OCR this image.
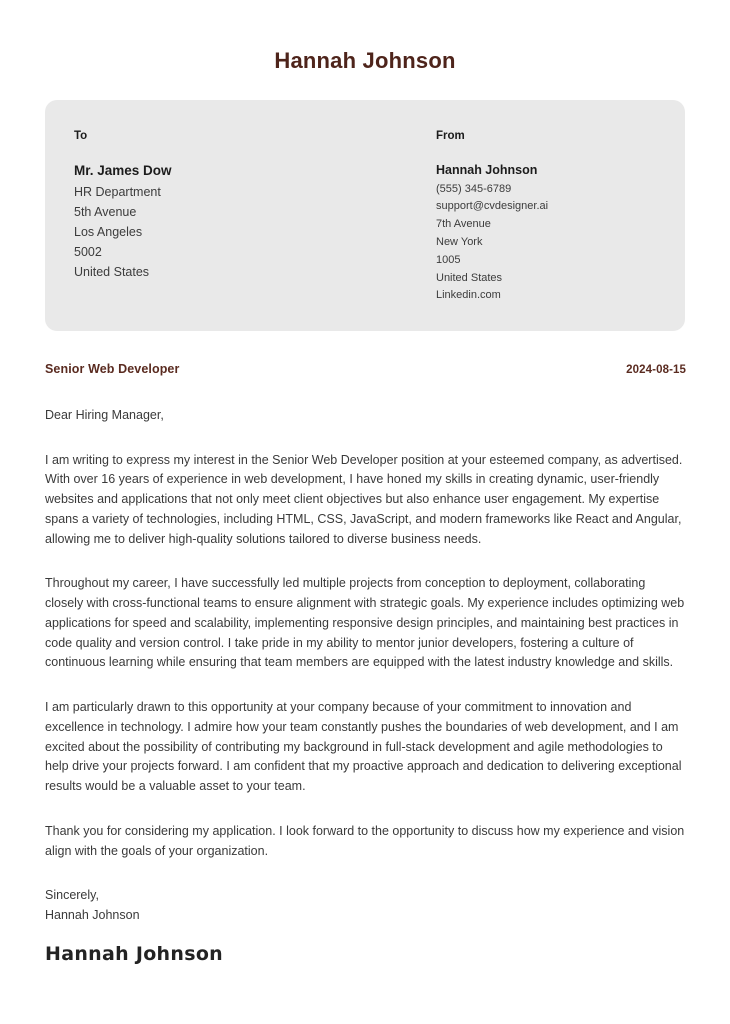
Hannah Johnson
To
Mr. James Dow
HR Department
5th Avenue
Los Angeles
5002
United States
From
Hannah Johnson
(555) 345-6789
support@cvdesigner.ai
7th Avenue
New York
1005
United States
Linkedin.com
Senior Web Developer	2024-08-15
Dear Hiring Manager,

I am writing to express my interest in the Senior Web Developer position at your esteemed company, as advertised. With over 16 years of experience in web development, I have honed my skills in creating dynamic, user-friendly websites and applications that not only meet client objectives but also enhance user engagement. My expertise spans a variety of technologies, including HTML, CSS, JavaScript, and modern frameworks like React and Angular, allowing me to deliver high-quality solutions tailored to diverse business needs.

Throughout my career, I have successfully led multiple projects from conception to deployment, collaborating closely with cross-functional teams to ensure alignment with strategic goals. My experience includes optimizing web applications for speed and scalability, implementing responsive design principles, and maintaining best practices in code quality and version control. I take pride in my ability to mentor junior developers, fostering a culture of continuous learning while ensuring that team members are equipped with the latest industry knowledge and skills.

I am particularly drawn to this opportunity at your company because of your commitment to innovation and excellence in technology. I admire how your team constantly pushes the boundaries of web development, and I am excited about the possibility of contributing my background in full-stack development and agile methodologies to help drive your projects forward. I am confident that my proactive approach and dedication to delivering exceptional results would be a valuable asset to your team.

Thank you for considering my application. I look forward to the opportunity to discuss how my experience and vision align with the goals of your organization.

Sincerely,
Hannah Johnson
Hannah Johnson
